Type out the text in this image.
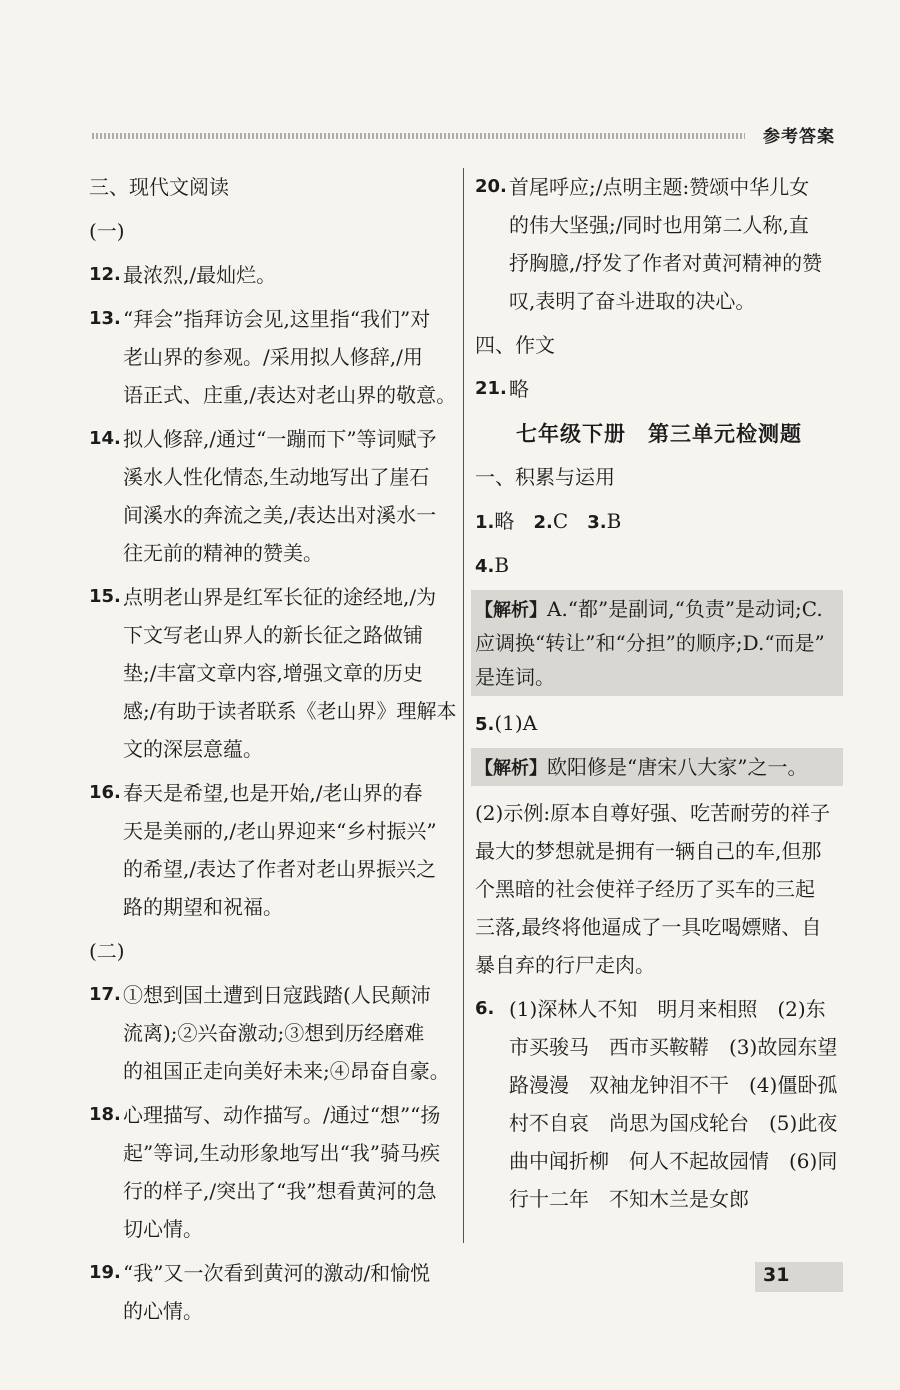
参考答案
三、现代文阅读
(一)
12. 最浓烈,/最灿烂。
13. “拜会”指拜访会见,这里指“我们”对
老山界的参观。/采用拟人修辞,/用
语正式、庄重,/表达对老山界的敬意。
14. 拟人修辞,/通过“一蹦而下”等词赋予
溪水人性化情态,生动地写出了崖石
间溪水的奔流之美,/表达出对溪水一
往无前的精神的赞美。
15. 点明老山界是红军长征的途经地,/为
下文写老山界人的新长征之路做铺
垫;/丰富文章内容,增强文章的历史
感;/有助于读者联系《老山界》理解本
文的深层意蕴。
16. 春天是希望,也是开始,/老山界的春
天是美丽的,/老山界迎来“乡村振兴”
的希望,/表达了作者对老山界振兴之
路的期望和祝福。
(二)
17. ①想到国土遭到日寇践踏(人民颠沛
流离);②兴奋激动;③想到历经磨难
的祖国正走向美好未来;④昂奋自豪。
18. 心理描写、动作描写。/通过“想”“扬
起”等词,生动形象地写出“我”骑马疾
行的样子,/突出了“我”想看黄河的急
切心情。
19. “我”又一次看到黄河的激动/和愉悦
的心情。
20. 首尾呼应;/点明主题:赞颂中华儿女
的伟大坚强;/同时也用第二人称,直
抒胸臆,/抒发了作者对黄河精神的赞
叹,表明了奋斗进取的决心。
四、作文
21. 略
七年级下册　第三单元检测题
一、积累与运用
1.略 2.C 3.B
4.B
【解析】A.“都”是副词,“负责”是动词;C.
应调换“转让”和“分担”的顺序;D.“而是”
是连词。
5.(1)A
【解析】欧阳修是“唐宋八大家”之一。
(2)示例:原本自尊好强、吃苦耐劳的祥子
最大的梦想就是拥有一辆自己的车,但那
个黑暗的社会使祥子经历了买车的三起
三落,最终将他逼成了一具吃喝嫖赌、自
暴自弃的行尸走肉。
6. (1)深林人不知　明月来相照　(2)东
市买骏马　西市买鞍鞯　(3)故园东望
路漫漫　双袖龙钟泪不干　(4)僵卧孤
村不自哀　尚思为国戍轮台　(5)此夜
曲中闻折柳　何人不起故园情　(6)同
行十二年　不知木兰是女郎
31
